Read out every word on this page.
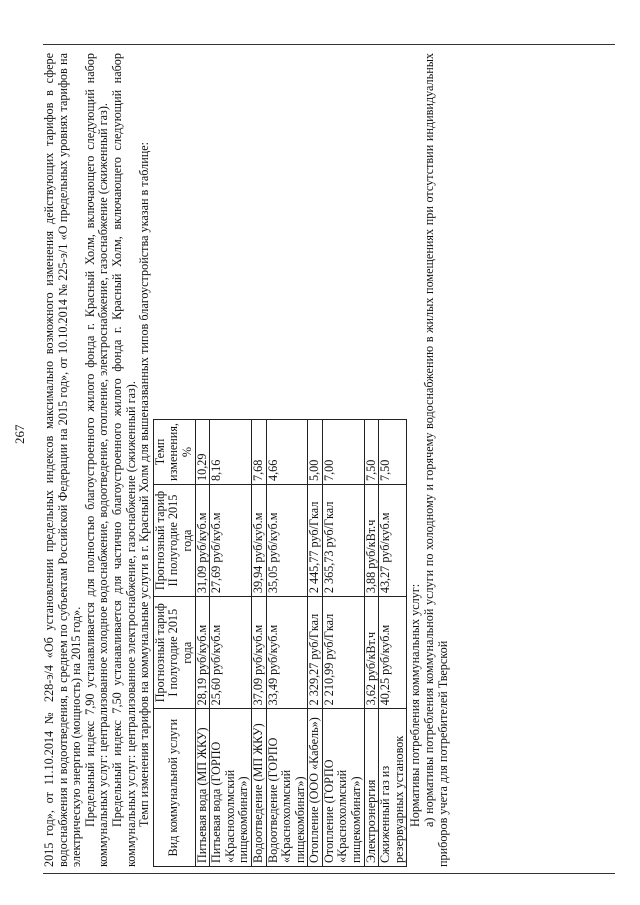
267 2015 год», от 11.10.2014 № 228-э/4 «Об установлении предельных индексов максимально возможного изменения действующих тарифов в сфере водоснабжения и водоотведения, в среднем по субъектам Российской Федерации на 2015 год», от 10.10.2014 № 225-э/1 «О предельных уровнях тарифов на электрическую энергию (мощность) на 2015 год». Предельный индекс 7,90 устанавливается для полностью благоустроенного жилого фонда г. Красный Холм, включающего следующий набор коммунальных услуг: централизованное холодное водоснабжение, водоотведение, отопление, электроснабжение, газоснабжение (сжиженный газ). Предельный индекс 7,50 устанавливается для частично благоустроенного жилого фонда г. Красный Холм, включающего следующий набор коммунальных услуг: централизованное электроснабжение, газоснабжение (сжиженный газ). Темп изменения тарифов на коммунальные услуги в г. Красный Холм для вышеназванных типов благоустройства указан в таблице: Вид коммунальной услуги	Прогнозный тариф I полугодие 2015 года	Прогнозный тариф II полугодие 2015 года	Темп изменения, %
Питьевая вода (МП ЖКУ)	28,19 руб/куб.м	31,09 руб/куб.м	10,29
Питьевая вода (ГОРПО «Краснохолмский пищекомбинат»)	25,60 руб/куб.м	27,69 руб/куб.м	8,16
Водоотведение (МП ЖКУ)	37,09 руб/куб.м	39,94 руб/куб.м	7,68
Водоотведение (ГОРПО «Краснохолмский пищекомбинат»)	33,49 руб/куб.м	35,05 руб/куб.м	4,66
Отопление (ООО «Кабель»)	2 329,27 руб/Гкал	2 445,77 руб/Гкал	5,00
Отопление (ГОРПО «Краснохолмский пищекомбинат»)	2 210,99 руб/Гкал	2 365,73 руб/Гкал	7,00
Электроэнергия	3,62 руб/кВт.ч	3,88 руб/кВт.ч	7,50
Сжиженный газ из резервуарных установок	40,25 руб/куб.м	43,27 руб/куб.м	7,50

Нормативы потребления коммунальных услуг: а) нормативы потребления коммунальной услуги по холодному и горячему водоснабжению в жилых помещениях при отсутствии индивидуальных приборов учета для потребителей Тверской
